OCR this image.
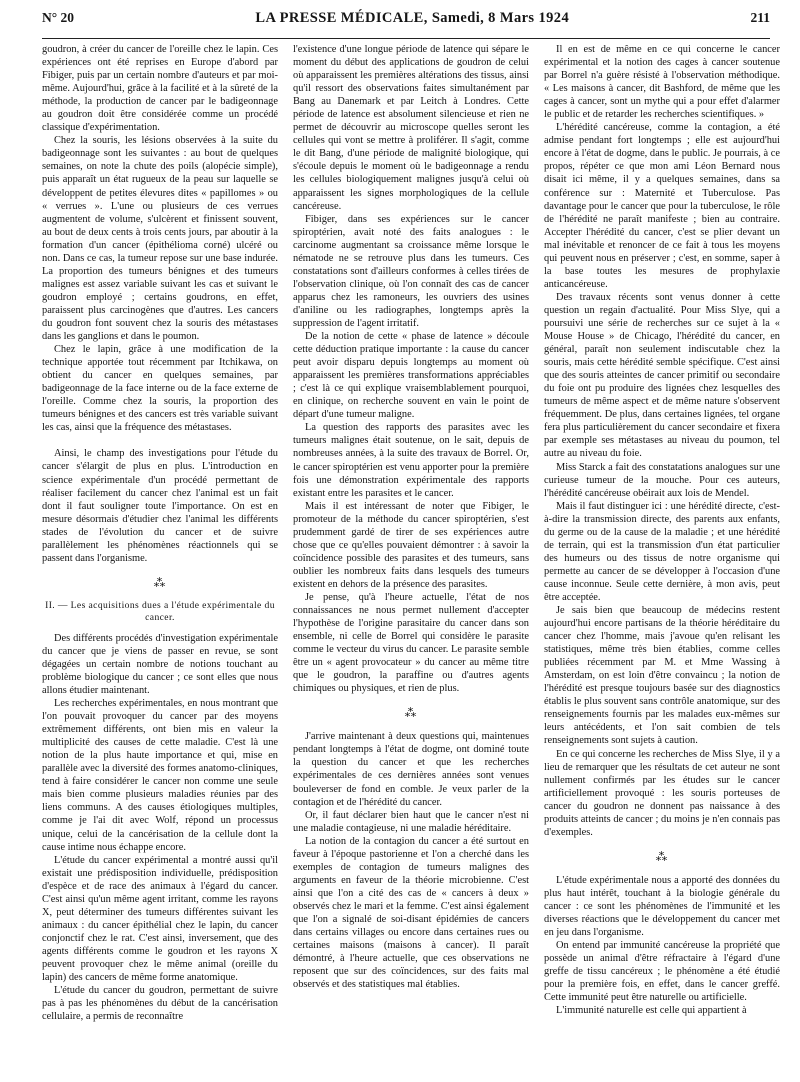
N° 20	LA PRESSE MÉDICALE, Samedi, 8 Mars 1924	211

goudron, à créer du cancer de l'oreille chez le lapin. Ces expériences ont été reprises en Europe d'abord par Fibiger, puis par un certain nombre d'auteurs et par moi-même. Aujourd'hui, grâce à la facilité et à la sûreté de la méthode, la production de cancer par le badigeonnage au goudron doit être considérée comme un procédé classique d'expérimentation.

Chez la souris, les lésions observées à la suite du badigeonnage sont les suivantes : au bout de quelques semaines, on note la chute des poils (alopécie simple), puis apparaît un état rugueux de la peau sur laquelle se développent de petites élevures dites « papillomes » ou « verrues ». L'une ou plusieurs de ces verrues augmentent de volume, s'ulcèrent et finissent souvent, au bout de deux cents à trois cents jours, par aboutir à la formation d'un cancer (épithélioma corné) ulcéré ou non. Dans ce cas, la tumeur repose sur une base indurée. La proportion des tumeurs bénignes et des tumeurs malignes est assez variable suivant les cas et suivant le goudron employé ; certains goudrons, en effet, paraissent plus carcinogènes que d'autres. Les cancers du goudron font souvent chez la souris des métastases dans les ganglions et dans le poumon.

Chez le lapin, grâce à une modification de la technique apportée tout récemment par Itchikawa, on obtient du cancer en quelques semaines, par badigeonnage de la face interne ou de la face externe de l'oreille. Comme chez la souris, la proportion des tumeurs bénignes et des cancers est très variable suivant les cas, ainsi que la fréquence des métastases.

Ainsi, le champ des investigations pour l'étude du cancer s'élargit de plus en plus. L'introduction en science expérimentale d'un procédé permettant de réaliser facilement du cancer chez l'animal est un fait dont il faut souligner toute l'importance. On est en mesure désormais d'étudier chez l'animal les différents stades de l'évolution du cancer et de suivre parallèlement les phénomènes réactionnels qui se passent dans l'organisme.

⁂
II. — Les acquisitions dues a l'étude expérimentale du cancer.

Des différents procédés d'investigation expérimentale du cancer que je viens de passer en revue, se sont dégagées un certain nombre de notions touchant au problème biologique du cancer ; ce sont elles que nous allons étudier maintenant.

Les recherches expérimentales, en nous montrant que l'on pouvait provoquer du cancer par des moyens extrêmement différents, ont bien mis en valeur la multiplicité des causes de cette maladie. C'est là une notion de la plus haute importance et qui, mise en parallèle avec la diversité des formes anatomo-cliniques, tend à faire considérer le cancer non comme une seule mais bien comme plusieurs maladies réunies par des liens communs. A des causes étiologiques multiples, comme je l'ai dit avec Wolf, répond un processus unique, celui de la cancérisation de la cellule dont la cause intime nous échappe encore.

L'étude du cancer expérimental a montré aussi qu'il existait une prédisposition individuelle, prédisposition d'espèce et de race des animaux à l'égard du cancer. C'est ainsi qu'un même agent irritant, comme les rayons X, peut déterminer des tumeurs différentes suivant les animaux : du cancer épithélial chez le lapin, du cancer conjonctif chez le rat. C'est ainsi, inversement, que des agents différents comme le goudron et les rayons X peuvent provoquer chez le même animal (oreille du lapin) des cancers de même forme anatomique.

L'étude du cancer du goudron, permettant de suivre pas à pas les phénomènes du début de la cancérisation cellulaire, a permis de reconnaître

l'existence d'une longue période de latence qui sépare le moment du début des applications de goudron de celui où apparaissent les premières altérations des tissus, ainsi qu'il ressort des observations faites simultanément par Bang au Danemark et par Leitch à Londres. Cette période de latence est absolument silencieuse et rien ne permet de découvrir au microscope quelles seront les cellules qui vont se mettre à proliférer. Il s'agit, comme le dit Bang, d'une période de malignité biologique, qui s'écoule depuis le moment où le badigeonnage a rendu les cellules biologiquement malignes jusqu'à celui où apparaissent les signes morphologiques de la cellule cancéreuse.

Fibiger, dans ses expériences sur le cancer spiroptérien, avait noté des faits analogues : le carcinome augmentant sa croissance même lorsque le nématode ne se retrouve plus dans les tumeurs. Ces constatations sont d'ailleurs conformes à celles tirées de l'observation clinique, où l'on connaît des cas de cancer apparus chez les ramoneurs, les ouvriers des usines d'aniline ou les radiographes, longtemps après la suppression de l'agent irritatif.

De la notion de cette « phase de latence » découle cette déduction pratique importante : la cause du cancer peut avoir disparu depuis longtemps au moment où apparaissent les premières transformations appréciables ; c'est là ce qui explique vraisemblablement pourquoi, en clinique, on recherche souvent en vain le point de départ d'une tumeur maligne.

La question des rapports des parasites avec les tumeurs malignes était soutenue, on le sait, depuis de nombreuses années, à la suite des travaux de Borrel. Or, le cancer spiroptérien est venu apporter pour la première fois une démonstration expérimentale des rapports existant entre les parasites et le cancer.

Mais il est intéressant de noter que Fibiger, le promoteur de la méthode du cancer spiroptérien, s'est prudemment gardé de tirer de ses expériences autre chose que ce qu'elles pouvaient démontrer : à savoir la coïncidence possible des parasites et des tumeurs, sans oublier les nombreux faits dans lesquels des tumeurs existent en dehors de la présence des parasites.

Je pense, qu'à l'heure actuelle, l'état de nos connaissances ne nous permet nullement d'accepter l'hypothèse de l'origine parasitaire du cancer dans son ensemble, ni celle de Borrel qui considère le parasite comme le vecteur du virus du cancer. Le parasite semble être un « agent provocateur » du cancer au même titre que le goudron, la paraffine ou d'autres agents chimiques ou physiques, et rien de plus.

⁂

J'arrive maintenant à deux questions qui, maintenues pendant longtemps à l'état de dogme, ont dominé toute la question du cancer et que les recherches expérimentales de ces dernières années sont venues bouleverser de fond en comble. Je veux parler de la contagion et de l'hérédité du cancer.

Or, il faut déclarer bien haut que le cancer n'est ni une maladie contagieuse, ni une maladie héréditaire.

La notion de la contagion du cancer a été surtout en faveur à l'époque pastorienne et l'on a cherché dans les exemples de contagion de tumeurs malignes des arguments en faveur de la théorie microbienne. C'est ainsi que l'on a cité des cas de « cancers à deux » observés chez le mari et la femme. C'est ainsi également que l'on a signalé de soi-disant épidémies de cancers dans certains villages ou encore dans certaines rues ou certaines maisons (maisons à cancer). Il paraît démontré, à l'heure actuelle, que ces observations ne reposent que sur des coïncidences, sur des faits mal observés et des statistiques mal établies.

Il en est de même en ce qui concerne le cancer expérimental et la notion des cages à cancer soutenue par Borrel n'a guère résisté à l'observation méthodique. « Les maisons à cancer, dit Bashford, de même que les cages à cancer, sont un mythe qui a pour effet d'alarmer le public et de retarder les recherches scientifiques. »

L'hérédité cancéreuse, comme la contagion, a été admise pendant fort longtemps ; elle est aujourd'hui encore à l'état de dogme, dans le public. Je pourrais, à ce propos, répéter ce que mon ami Léon Bernard nous disait ici même, il y a quelques semaines, dans sa conférence sur : Maternité et Tuberculose. Pas davantage pour le cancer que pour la tuberculose, le rôle de l'hérédité ne paraît manifeste ; bien au contraire. Accepter l'hérédité du cancer, c'est se plier devant un mal inévitable et renoncer de ce fait à tous les moyens qui peuvent nous en préserver ; c'est, en somme, saper à la base toutes les mesures de prophylaxie anticancéreuse.

Des travaux récents sont venus donner à cette question un regain d'actualité. Pour Miss Slye, qui a poursuivi une série de recherches sur ce sujet à la « Mouse House » de Chicago, l'hérédité du cancer, en général, paraît non seulement indiscutable chez la souris, mais cette hérédité semble spécifique. C'est ainsi que des souris atteintes de cancer primitif ou secondaire du foie ont pu produire des lignées chez lesquelles des tumeurs de même aspect et de même nature s'observent fréquemment. De plus, dans certaines lignées, tel organe fera plus particulièrement du cancer secondaire et fixera par exemple ses métastases au niveau du poumon, tel autre au niveau du foie.

Miss Starck a fait des constatations analogues sur une curieuse tumeur de la mouche. Pour ces auteurs, l'hérédité cancéreuse obéirait aux lois de Mendel.

Mais il faut distinguer ici : une hérédité directe, c'est-à-dire la transmission directe, des parents aux enfants, du germe ou de la cause de la maladie ; et une hérédité de terrain, qui est la transmission d'un état particulier des humeurs ou des tissus de notre organisme qui permette au cancer de se développer à l'occasion d'une cause inconnue. Seule cette dernière, à mon avis, peut être acceptée.

Je sais bien que beaucoup de médecins restent aujourd'hui encore partisans de la théorie héréditaire du cancer chez l'homme, mais j'avoue qu'en relisant les statistiques, même très bien établies, comme celles publiées récemment par M. et Mme Wassing à Amsterdam, on est loin d'être convaincu ; la notion de l'hérédité est presque toujours basée sur des diagnostics établis le plus souvent sans contrôle anatomique, sur des renseignements fournis par les malades eux-mêmes sur leurs antécédents, et l'on sait combien de tels renseignements sont sujets à caution.

En ce qui concerne les recherches de Miss Slye, il y a lieu de remarquer que les résultats de cet auteur ne sont nullement confirmés par les études sur le cancer artificiellement provoqué : les souris porteuses de cancer du goudron ne donnent pas naissance à des produits atteints de cancer ; du moins je n'en connais pas d'exemples.

⁂

L'étude expérimentale nous a apporté des données du plus haut intérêt, touchant à la biologie générale du cancer : ce sont les phénomènes de l'immunité et les diverses réactions que le développement du cancer met en jeu dans l'organisme.

On entend par immunité cancéreuse la propriété que possède un animal d'être réfractaire à l'égard d'une greffe de tissu cancéreux ; le phénomène a été étudié pour la première fois, en effet, dans le cancer greffé. Cette immunité peut être naturelle ou artificielle.

L'immunité naturelle est celle qui appartient à
